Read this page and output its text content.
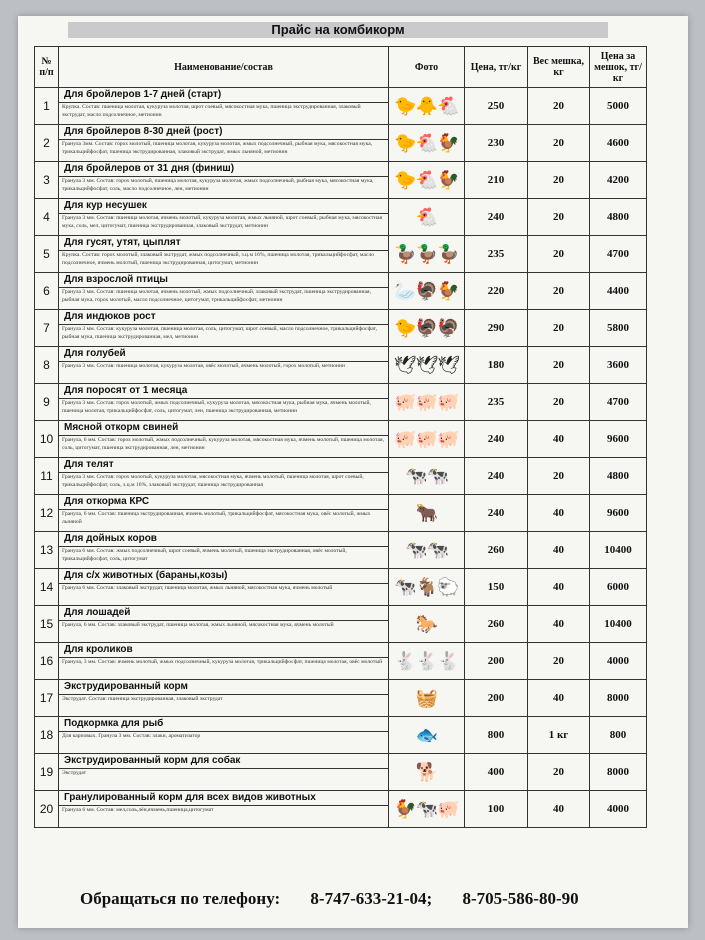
Прайс на комбикорм
№ п/п	Наименование/состав	Фото	Цена, тг/кг	Вес мешка, кг	Цена за мешок, тг/кг
1	Для бройлеров 1-7 дней (старт)
Крупка. Состав: пшеница молотая, кукуруза молотая, шрот соевый, мясокостная мука, пшеница экструдированная, злаковый экструдат, масло подсолнечное, метионин	🐤🐥🐔	250	20	5000
2	Для бройлеров 8-30 дней (рост)
Гранула 3мм. Состав: горох молотый, пшеница молотая, кукуруза молотая, жмых подсолнечный, рыбная мука, мясокостная мука, трикальцийфосфат, пшеница экструдированная, злаковый экструдат, жмых льняной, метионин	🐤🐔🐓	230	20	4600
3	Для бройлеров от 31 дня (финиш)
Гранула 3 мм. Состав: горох молотый, пшеница молотая, кукуруза молотая, жмых подсолнечный, рыбная мука, мясокостная мука, трикальцийфосфат, соль, масло подсолнечное, лен, метионин	🐤🐔🐓	210	20	4200
4	Для кур несушек
Гранула 3 мм. Состав: пшеница молотая, ячмень молотый, кукуруза молотая, жмых льняной, шрот соевый, рыбная мука, мясокостная мука, соль, мел, цитогумат, пшеница экструдированная, злаковый экструдат, метионин	🐔	240	20	4800
5	Для гусят, утят, цыплят
Крупка. Состав: горох молотый, злаковый экструдат, жмых подсолнечный, з.ц.м 16%, пшеница молотая, трикальцийфосфат, масло подсолнечное, ячмень молотый, пшеница экструдированная, цитогумат, метионин	🦆🦆🦆	235	20	4700
6	Для взрослой птицы
Гранула 3 мм. Состав: пшеница молотая, ячмень молотый, жмых подсолнечный, злаковый экструдат, пшеница экструдированная, рыбная мука, горох молотый, масло подсолнечное, цитогумат, трикальцийфосфат, метионин	🦢🦃🐓	220	20	4400
7	Для индюков рост
Гранула 3 мм. Состав: кукуруза молотая, пшеница молотая, соль, цитогумат, шрот соевый, масло подсолнечное, трикальцийфосфат, рыбная мука, пшеница экструдированная, мел, метионин	🐤🦃🦃	290	20	5800
8	Для голубей
Гранула 3 мм. Состав: пшеница молотая, кукуруза молотая, овёс молотый, ячмень молотый, горох молотый, метионин	🕊🕊🕊	180	20	3600
9	Для поросят от 1 месяца
Гранула 3 мм. Состав: горох молотый, жмых подсолнечный, кукуруза молотая, мясокостная мука, рыбная мука, ячмень молотый, пшеница молотая, трикальцийфосфат, соль, цитогумат, лен, пшеница экструдированная, метионин	🐖🐖🐖	235	20	4700
10	Мясной откорм свиней
Гранула, 6 мм. Состав: горох молотый, жмых подсолнечный, кукуруза молотая, мясокостная мука, ячмень молотый, пшеница молотая, соль, цитогумат, пшеница экструдированная, лен, метионин	🐖🐖🐖	240	40	9600
11	Для телят
Гранула 3 мм. Состав: горох молотый, кукуруза молотая, мясокостная мука, ячмень молотый, пшеница молотая, шрот соевый, трикальцийфосфат, соль, з.ц.м 16%, злаковый экструдат, пшеница экструдированная	🐄🐄	240	20	4800
12	Для откорма КРС
Гранула, 6 мм. Состав: пшеница экструдированная, ячмень молотый, трикальцийфосфат, мясокостная мука, овёс молотый, жмых льняной	🐂	240	40	9600
13	Для дойных коров
Гранула 6 мм. Состав: жмых подсолнечный, шрот соевый, ячмень молотый, пшеница экструдированная, овёс молотый, трикальцийфосфат, соль, цитогумат	🐄🐄	260	40	10400
14	Для с/х животных (бараны,козы)
Гранула 6 мм. Состав: злаковый экструдат, пшеница молотая, жмых льняной, мясокостная мука, ячмень молотый	🐄🐐🐑	150	40	6000
15	Для лошадей
Гранула, 6 мм. Состав: злаковый экструдат, пшеница молотая, жмых льняной, мясокостная мука, ячмень молотый	🐎	260	40	10400
16	Для кроликов
Гранула, 3 мм. Состав: ячмень молотый, жмых подсолнечный, кукуруза молотая, трикальцийфосфат, пшеница молотая, овёс молотый	🐇🐇🐇	200	20	4000
17	Экструдированный корм
Экструдат. Состав: пшеница экструдированная, злаковый экструдат	🧺	200	40	8000
18	Подкормка для рыб
Для карповых. Гранула 3 мм. Состав: злаки, ароматизатор	🐟	800	1 кг	800
19	Экструдированный корм для собак
Экструдат	🐕	400	20	8000
20	Гранулированный корм для всех видов животных
Гранула 6 мм. Состав: мел,соль,лён,ячмень,пшеница,цитогумат	🐓🐄🐖	100	40	4000
Обращаться по телефону: 8-747-633-21-04; 8-705-586-80-90
